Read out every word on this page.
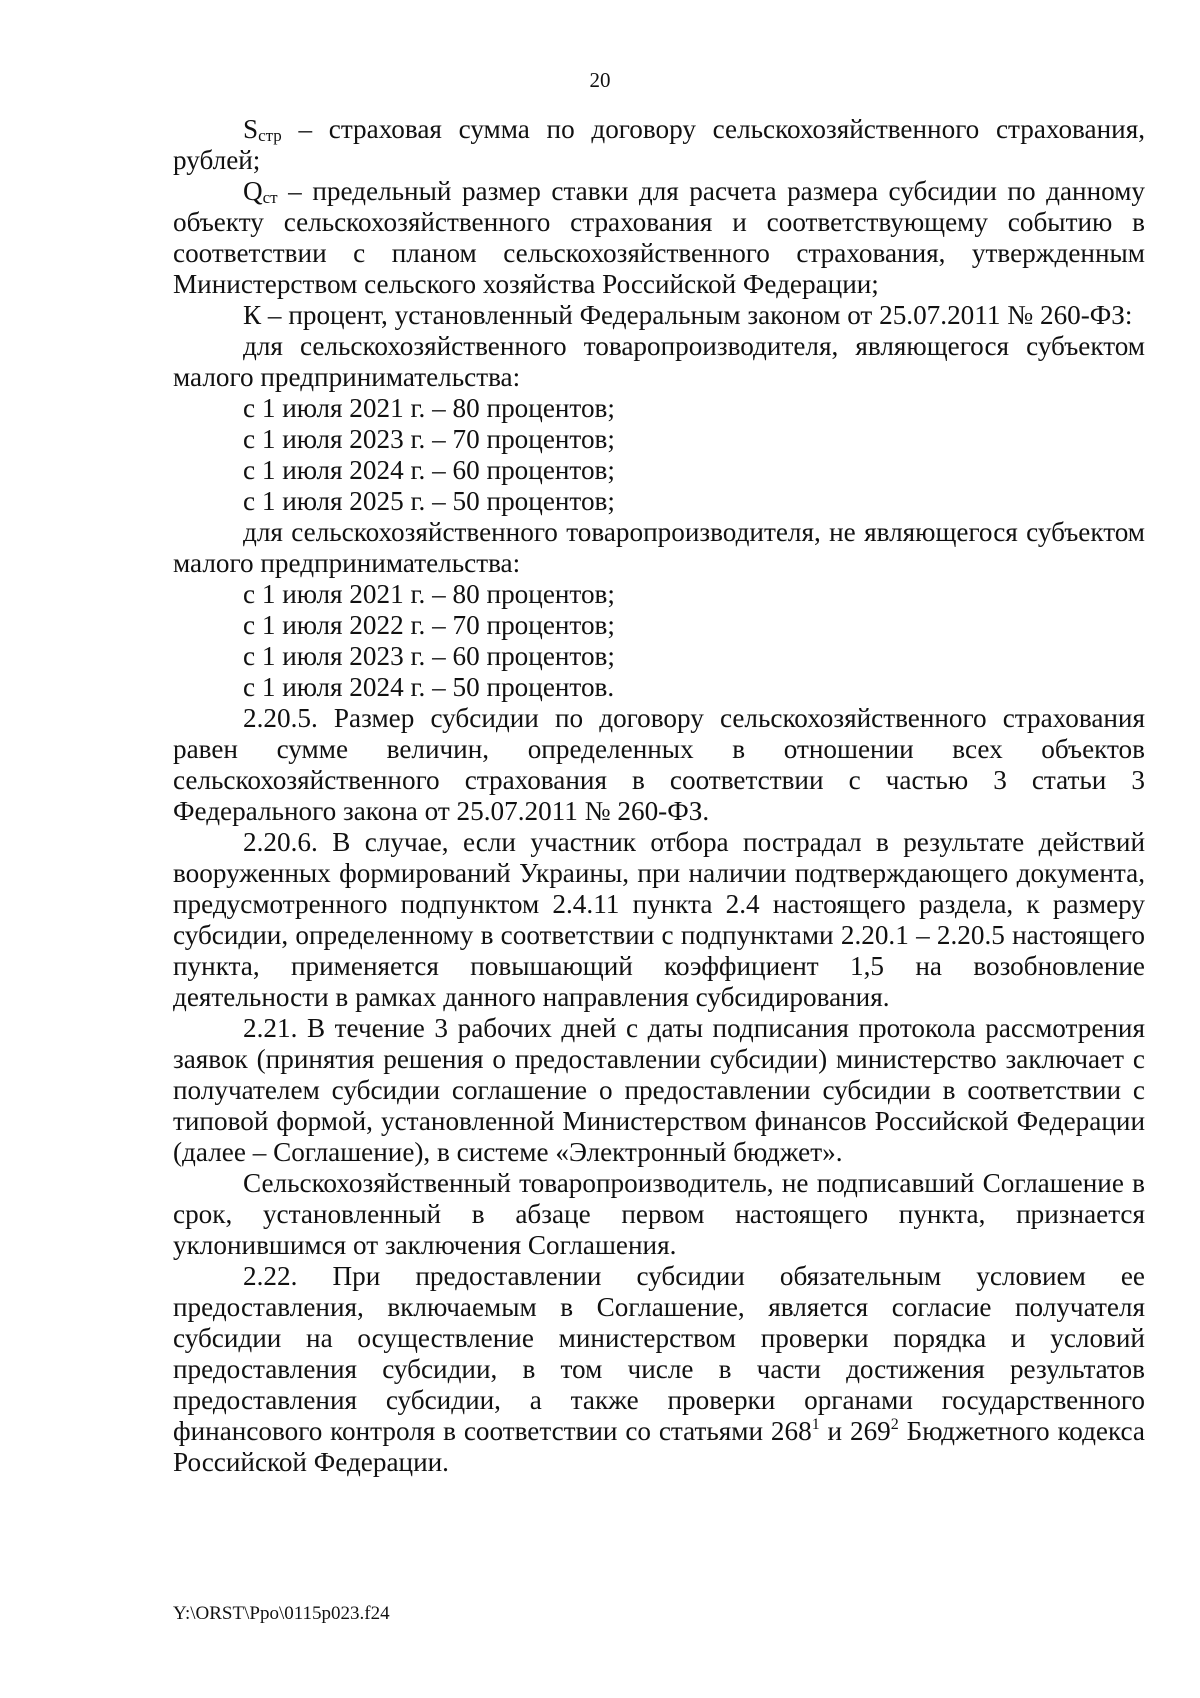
20

$S_{стр}$ – страховая сумма по договору сельскохозяйственного страхования, рублей;

$Q_{ст}$ – предельный размер ставки для расчета размера субсидии по данному объекту сельскохозяйственного страхования и соответствующему событию в соответствии с планом сельскохозяйственного страхования, утвержденным Министерством сельского хозяйства Российской Федерации;

К – процент, установленный Федеральным законом от 25.07.2011 № 260-ФЗ:

для сельскохозяйственного товаропроизводителя, являющегося субъектом малого предпринимательства:

с 1 июля 2021 г. – 80 процентов;

с 1 июля 2023 г. – 70 процентов;

с 1 июля 2024 г. – 60 процентов;

с 1 июля 2025 г. – 50 процентов;

для сельскохозяйственного товаропроизводителя, не являющегося субъектом малого предпринимательства:

с 1 июля 2021 г. – 80 процентов;

с 1 июля 2022 г. – 70 процентов;

с 1 июля 2023 г. – 60 процентов;

с 1 июля 2024 г. – 50 процентов.

2.20.5. Размер субсидии по договору сельскохозяйственного страхования равен сумме величин, определенных в отношении всех объектов сельскохозяйственного страхования в соответствии с частью 3 статьи 3 Федерального закона от 25.07.2011 № 260-ФЗ.

2.20.6. В случае, если участник отбора пострадал в результате действий вооруженных формирований Украины, при наличии подтверждающего документа, предусмотренного подпунктом 2.4.11 пункта 2.4 настоящего раздела, к размеру субсидии, определенному в соответствии с подпунктами 2.20.1 – 2.20.5 настоящего пункта, применяется повышающий коэффициент 1,5 на возобновление деятельности в рамках данного направления субсидирования.

2.21. В течение 3 рабочих дней с даты подписания протокола рассмотрения заявок (принятия решения о предоставлении субсидии) министерство заключает с получателем субсидии соглашение о предоставлении субсидии в соответствии с типовой формой, установленной Министерством финансов Российской Федерации (далее – Соглашение), в системе «Электронный бюджет».

Сельскохозяйственный товаропроизводитель, не подписавший Соглашение в срок, установленный в абзаце первом настоящего пункта, признается уклонившимся от заключения Соглашения.

2.22. При предоставлении субсидии обязательным условием ее предоставления, включаемым в Соглашение, является согласие получателя субсидии на осуществление министерством проверки порядка и условий предоставления субсидии, в том числе в части достижения результатов предоставления субсидии, а также проверки органами государственного финансового контроля в соответствии со статьями $268^1$ и $269^2$ Бюджетного кодекса Российской Федерации.

Y:\ORST\Ppo\0115p023.f24
